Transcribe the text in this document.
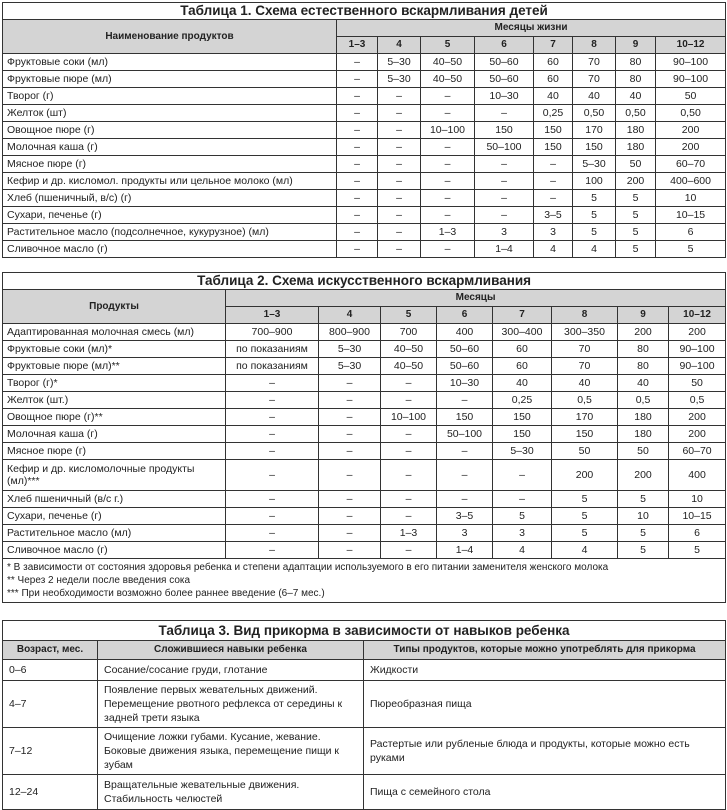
Таблица 1. Схема естественного вскармливания детей								
Наименование продуктов	Месяцы жизни							
	1–3	4	5	6	7	8	9	10–12
Фруктовые соки (мл)	–	5–30	40–50	50–60	60	70	80	90–100
Фруктовые пюре (мл)	–	5–30	40–50	50–60	60	70	80	90–100
Творог (г)	–	–	–	10–30	40	40	40	50
Желток (шт)	–	–	–	–	0,25	0,50	0,50	0,50
Овощное пюре (г)	–	–	10–100	150	150	170	180	200
Молочная каша (г)	–	–	–	50–100	150	150	180	200
Мясное пюре (г)	–	–	–	–	–	5–30	50	60–70
Кефир и др. кисломол. продукты или цельное молоко (мл)	–	–	–	–	–	100	200	400–600
Хлеб (пшеничный, в/с) (г)	–	–	–	–	–	5	5	10
Сухари, печенье (г)	–	–	–	–	3–5	5	5	10–15
Растительное масло (подсолнечное, кукурузное) (мл)	–	–	1–3	3	3	5	5	6
Сливочное масло (г)	–	–	–	1–4	4	4	5	5
Таблица 2. Схема искусственного вскармливания								
Продукты	Месяцы							
	1–3	4	5	6	7	8	9	10–12
Адаптированная молочная смесь (мл)	700–900	800–900	700	400	300–400	300–350	200	200
Фруктовые соки (мл)*	по показаниям	5–30	40–50	50–60	60	70	80	90–100
Фруктовые пюре (мл)**	по показаниям	5–30	40–50	50–60	60	70	80	90–100
Творог (г)*	–	–	–	10–30	40	40	40	50
Желток (шт.)	–	–	–	–	0,25	0,5	0,5	0,5
Овощное пюре (г)**	–	–	10–100	150	150	170	180	200
Молочная каша (г)	–	–	–	50–100	150	150	180	200
Мясное пюре (г)	–	–	–	–	5–30	50	50	60–70
Кефир и др. кисломолочные продукты (мл)***	–	–	–	–	–	200	200	400
Хлеб пшеничный (в/с г.)	–	–	–	–	–	5	5	10
Сухари, печенье (г)	–	–	–	3–5	5	5	10	10–15
Растительное масло (мл)	–	–	1–3	3	3	5	5	6
Сливочное масло (г)	–	–	–	1–4	4	4	5	5

* В зависимости от состояния здоровья ребенка и степени адаптации используемого в его питании заменителя женского молока
** Через 2 недели после введения сока
*** При необходимости возможно более раннее введение (6–7 мес.)								
Таблица 3. Вид прикорма в зависимости от навыков ребенка		
Возраст, мес.	Сложившиеся навыки ребенка	Типы продуктов, которые можно употреблять для прикорма
0–6	Сосание/сосание груди, глотание	Жидкости
4–7	Появление первых жевательных движений. Перемещение рвотного рефлекса от середины к задней трети языка	Пюреобразная пища
7–12	Очищение ложки губами. Кусание, жевание. Боковые движения языка, перемещение пищи к зубам	Растертые или рубленые блюда и продукты, которые можно есть руками
12–24	Вращательные жевательные движения. Стабильность челюстей	Пища с семейного стола
